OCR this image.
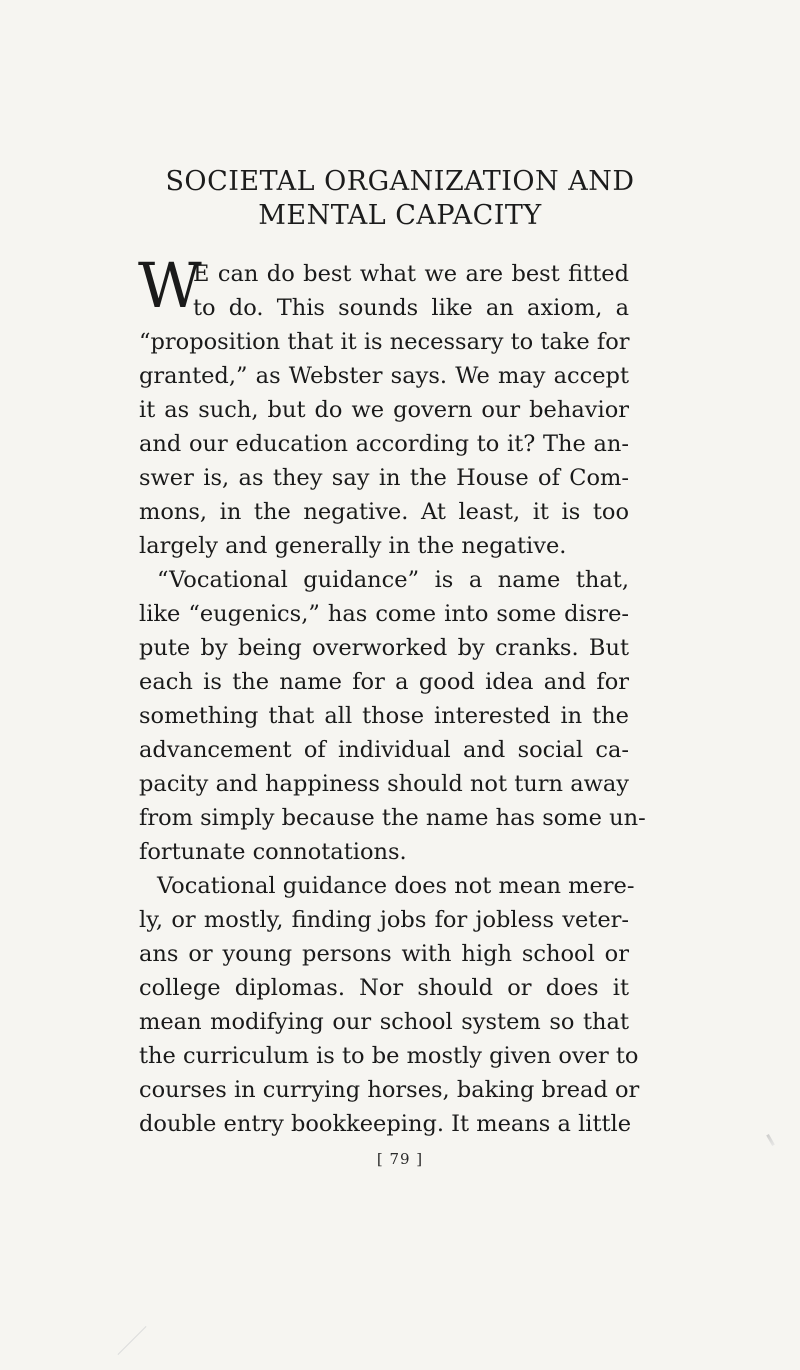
SOCIETAL ORGANIZATION AND
MENTAL CAPACITY
W
E can do best what we are best fitted
to do. This sounds like an axiom, a
“proposition that it is necessary to take for
granted,” as Webster says. We may accept
it as such, but do we govern our behavior
and our education according to it? The an-
swer is, as they say in the House of Com-
mons, in the negative. At least, it is too
largely and generally in the negative.
“Vocational guidance” is a name that,
like “eugenics,” has come into some disre-
pute by being overworked by cranks. But
each is the name for a good idea and for
something that all those interested in the
advancement of individual and social ca-
pacity and happiness should not turn away
from simply because the name has some un-
fortunate connotations.
Vocational guidance does not mean mere-
ly, or mostly, finding jobs for jobless veter-
ans or young persons with high school or
college diplomas. Nor should or does it
mean modifying our school system so that
the curriculum is to be mostly given over to
courses in currying horses, baking bread or
double entry bookkeeping. It means a little
[ 79 ]
